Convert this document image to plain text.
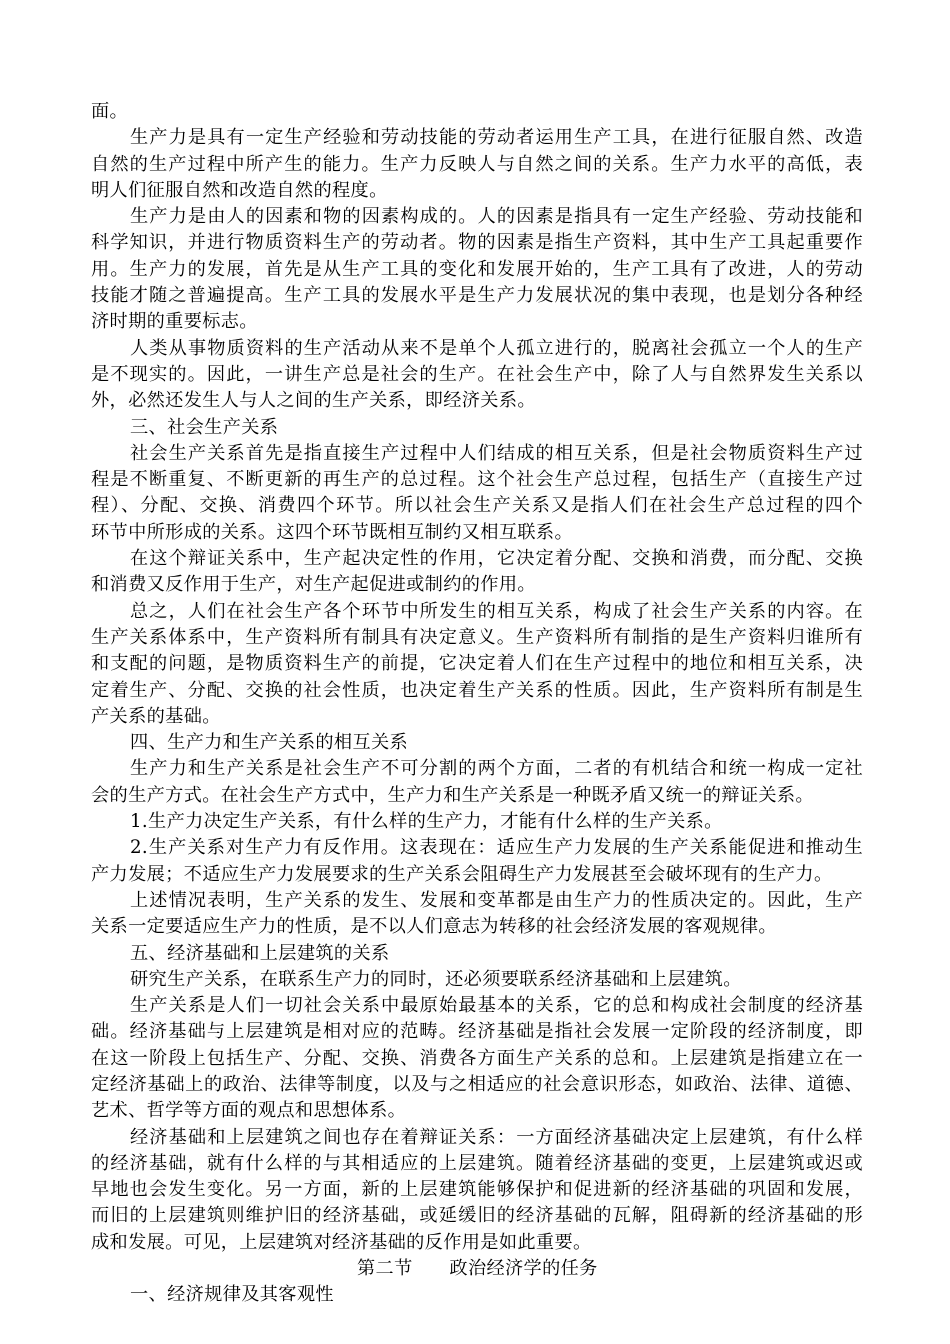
面。
生产力是具有一定生产经验和劳动技能的劳动者运用生产工具，在进行征服自然、改造
自然的生产过程中所产生的能力。生产力反映人与自然之间的关系。生产力水平的高低，表
明人们征服自然和改造自然的程度。
生产力是由人的因素和物的因素构成的。人的因素是指具有一定生产经验、劳动技能和
科学知识，并进行物质资料生产的劳动者。物的因素是指生产资料，其中生产工具起重要作
用。生产力的发展，首先是从生产工具的变化和发展开始的，生产工具有了改进，人的劳动
技能才随之普遍提高。生产工具的发展水平是生产力发展状况的集中表现，也是划分各种经
济时期的重要标志。
人类从事物质资料的生产活动从来不是单个人孤立进行的，脱离社会孤立一个人的生产
是不现实的。因此，一讲生产总是社会的生产。在社会生产中，除了人与自然界发生关系以
外，必然还发生人与人之间的生产关系，即经济关系。
三、社会生产关系
社会生产关系首先是指直接生产过程中人们结成的相互关系，但是社会物质资料生产过
程是不断重复、不断更新的再生产的总过程。这个社会生产总过程，包括生产（直接生产过
程）、分配、交换、消费四个环节。所以社会生产关系又是指人们在社会生产总过程的四个
环节中所形成的关系。这四个环节既相互制约又相互联系。
在这个辩证关系中，生产起决定性的作用，它决定着分配、交换和消费，而分配、交换
和消费又反作用于生产，对生产起促进或制约的作用。
总之，人们在社会生产各个环节中所发生的相互关系，构成了社会生产关系的内容。在
生产关系体系中，生产资料所有制具有决定意义。生产资料所有制指的是生产资料归谁所有
和支配的问题，是物质资料生产的前提，它决定着人们在生产过程中的地位和相互关系，决
定着生产、分配、交换的社会性质，也决定着生产关系的性质。因此，生产资料所有制是生
产关系的基础。
四、生产力和生产关系的相互关系
生产力和生产关系是社会生产不可分割的两个方面，二者的有机结合和统一构成一定社
会的生产方式。在社会生产方式中，生产力和生产关系是一种既矛盾又统一的辩证关系。
1.生产力决定生产关系，有什么样的生产力，才能有什么样的生产关系。
2.生产关系对生产力有反作用。这表现在：适应生产力发展的生产关系能促进和推动生
产力发展；不适应生产力发展要求的生产关系会阻碍生产力发展甚至会破坏现有的生产力。
上述情况表明，生产关系的发生、发展和变革都是由生产力的性质决定的。因此，生产
关系一定要适应生产力的性质，是不以人们意志为转移的社会经济发展的客观规律。
五、经济基础和上层建筑的关系
研究生产关系，在联系生产力的同时，还必须要联系经济基础和上层建筑。
生产关系是人们一切社会关系中最原始最基本的关系，它的总和构成社会制度的经济基
础。经济基础与上层建筑是相对应的范畴。经济基础是指社会发展一定阶段的经济制度，即
在这一阶段上包括生产、分配、交换、消费各方面生产关系的总和。上层建筑是指建立在一
定经济基础上的政治、法律等制度，以及与之相适应的社会意识形态，如政治、法律、道德、
艺术、哲学等方面的观点和思想体系。
经济基础和上层建筑之间也存在着辩证关系：一方面经济基础决定上层建筑，有什么样
的经济基础，就有什么样的与其相适应的上层建筑。随着经济基础的变更，上层建筑或迟或
早地也会发生变化。另一方面，新的上层建筑能够保护和促进新的经济基础的巩固和发展，
而旧的上层建筑则维护旧的经济基础，或延缓旧的经济基础的瓦解，阻碍新的经济基础的形
成和发展。可见，上层建筑对经济基础的反作用是如此重要。
第二节      政治经济学的任务
一、经济规律及其客观性
